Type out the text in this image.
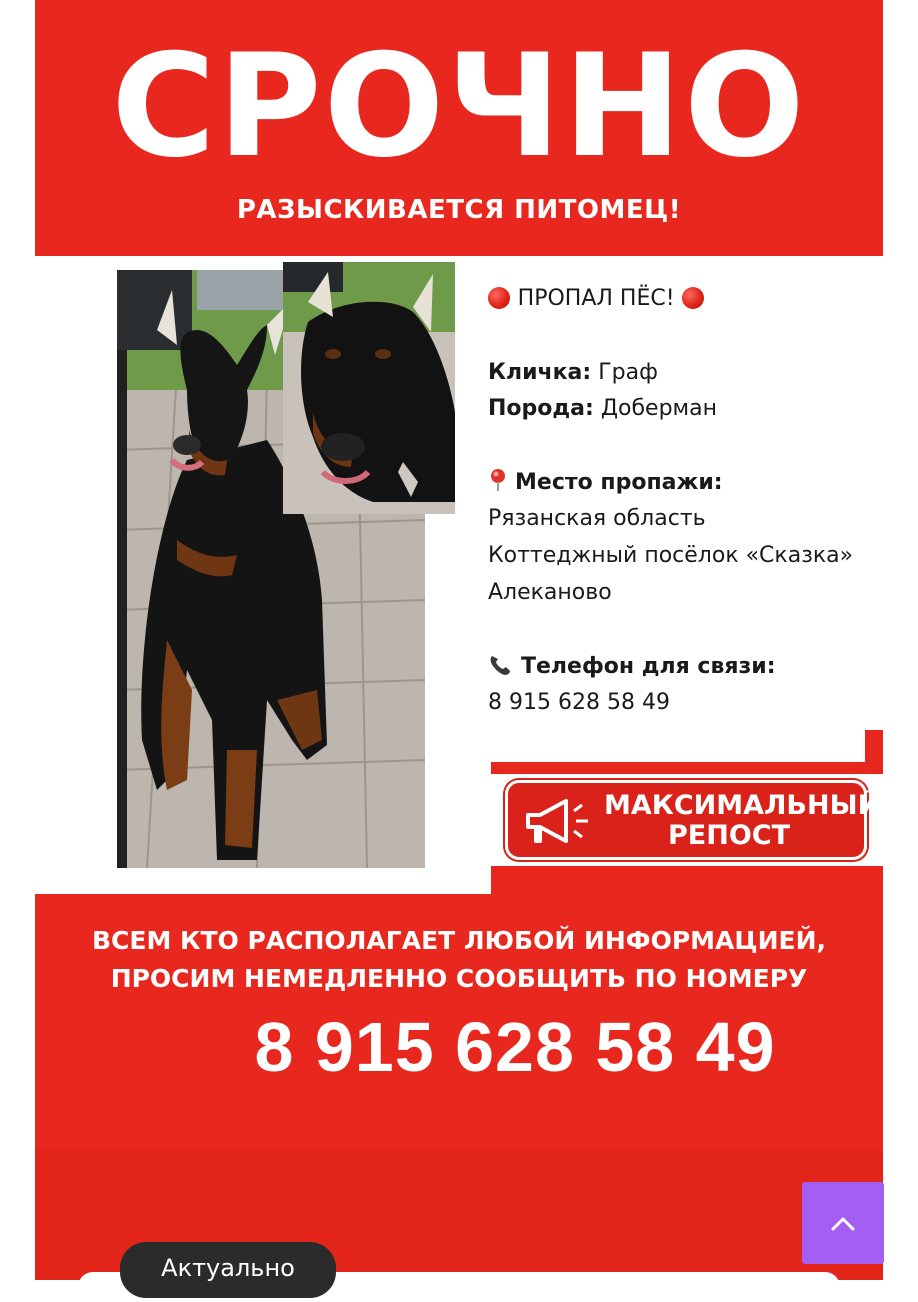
СРОЧНО
РАЗЫСКИВАЕТСЯ ПИТОМЕЦ!
ПРОПАЛ ПЁС!
Кличка: Граф
Порода: Доберман
Место пропажи:
Рязанская область
Коттеджный посёлок «Сказка»
Алеканово
Телефон для связи:
8 915 628 58 49
МАКСИМАЛЬНЫЙ
РЕПОСТ
ВСЕМ КТО РАСПОЛАГАЕТ ЛЮБОЙ ИНФОРМАЦИЕЙ,
ПРОСИМ НЕМЕДЛЕННО СООБЩИТЬ ПО НОМЕРУ
8 915 628 58 49
Актуально
